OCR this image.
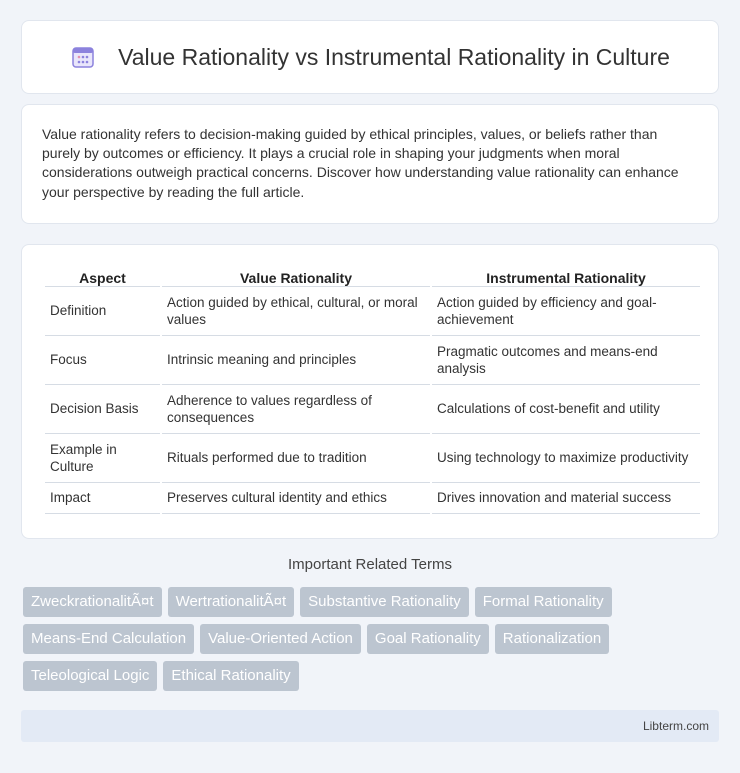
Value Rationality vs Instrumental Rationality in Culture

Value rationality refers to decision-making guided by ethical principles, values, or beliefs rather than purely by outcomes or efficiency. It plays a crucial role in shaping your judgments when moral considerations outweigh practical concerns. Discover how understanding value rationality can enhance your perspective by reading the full article.

Aspect	Value Rationality	Instrumental Rationality
Definition	Action guided by ethical, cultural, or moral values	Action guided by efficiency and goal-achievement
Focus	Intrinsic meaning and principles	Pragmatic outcomes and means-end analysis
Decision Basis	Adherence to values regardless of consequences	Calculations of cost-benefit and utility
Example in Culture	Rituals performed due to tradition	Using technology to maximize productivity
Impact	Preserves cultural identity and ethics	Drives innovation and material success
Important Related Terms
ZweckrationalitÃ¤t	WertrationalitÃ¤t	Substantive Rationality	Formal Rationality
Means-End Calculation	Value-Oriented Action	Goal Rationality	Rationalization
Teleological Logic	Ethical Rationality
Libterm.com
